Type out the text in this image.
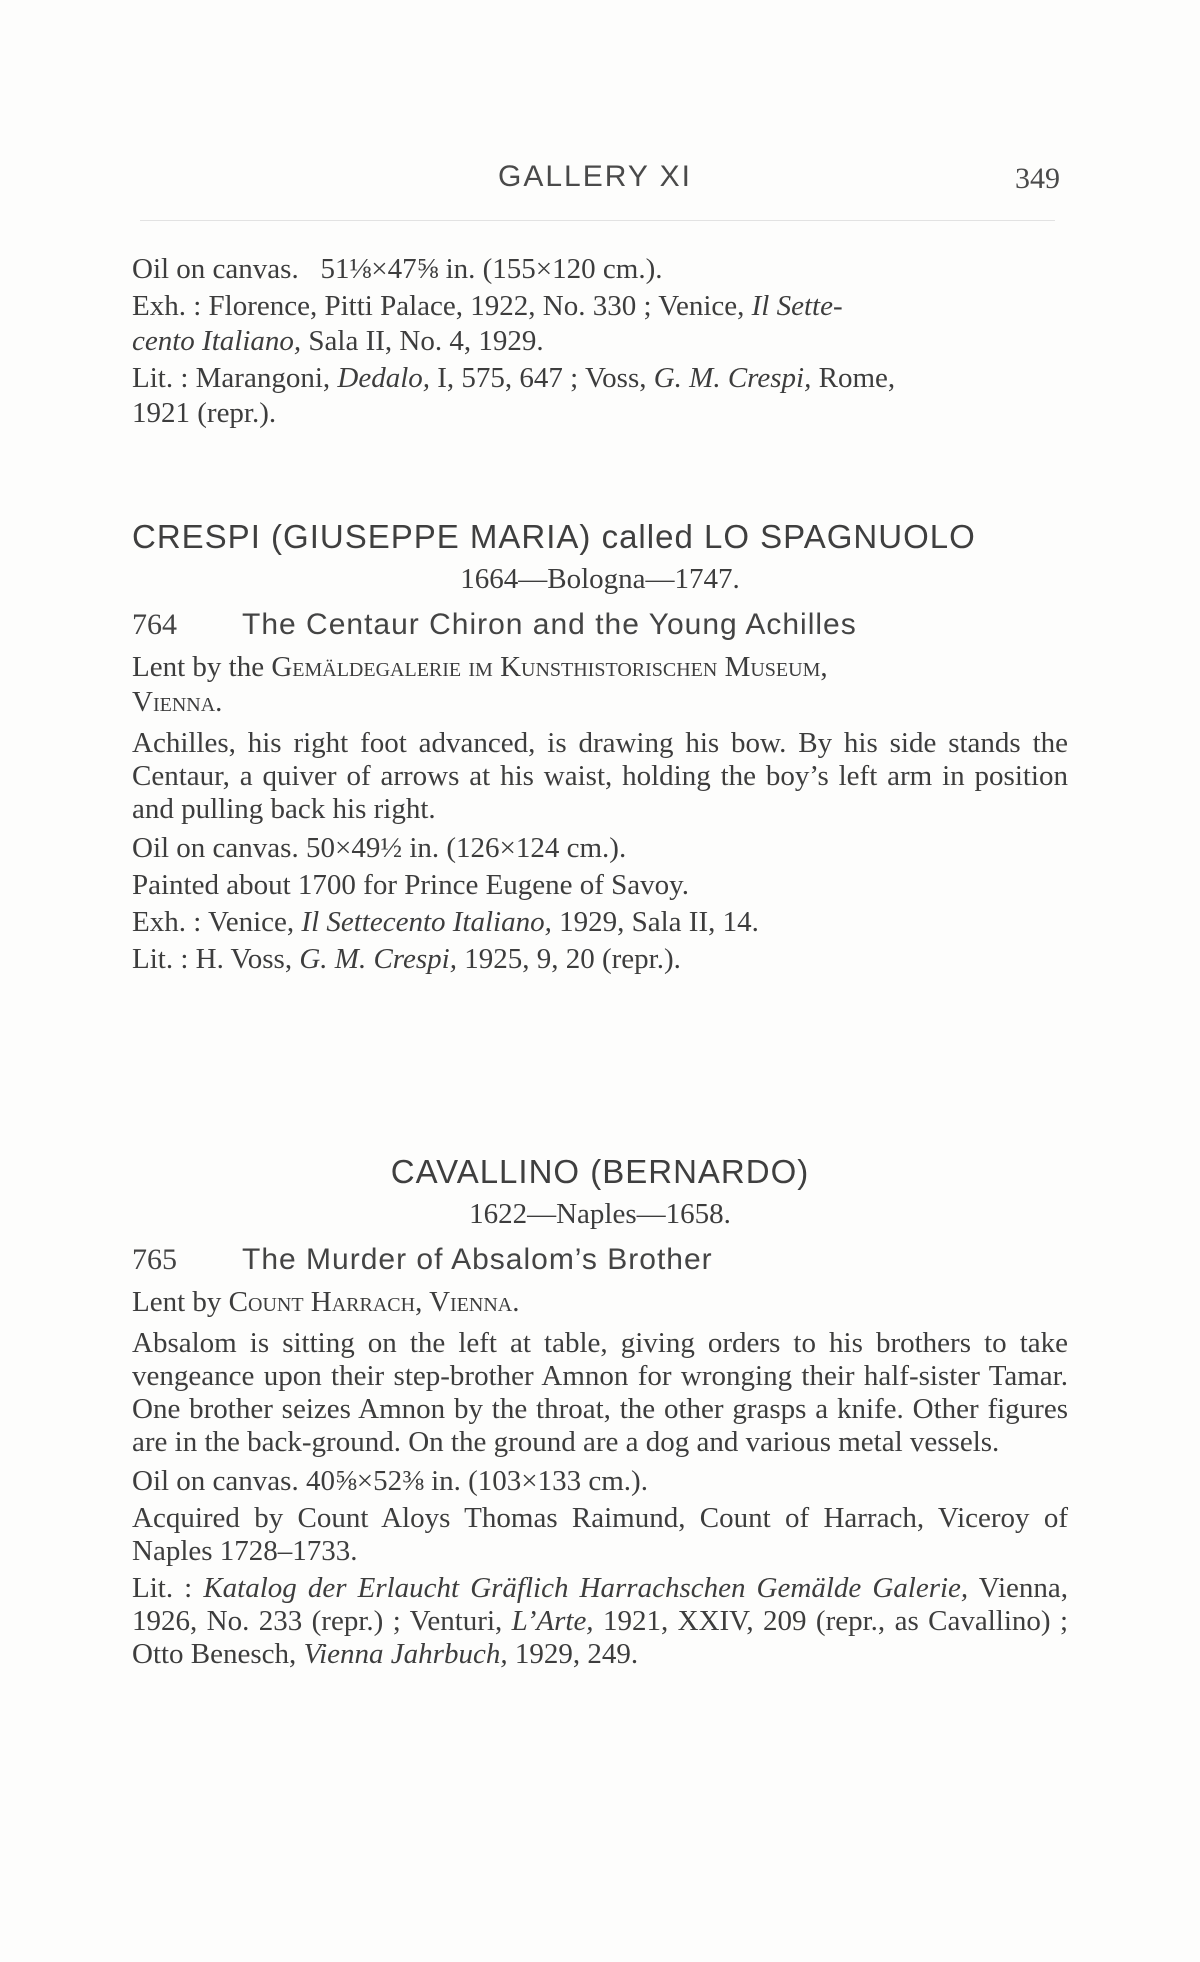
GALLERY XI	349
Oil on canvas. 51⅛×47⅝ in. (155×120 cm.).
Exh. : Florence, Pitti Palace, 1922, No. 330 ; Venice, Il Sette-
cento Italiano, Sala II, No. 4, 1929.
Lit. : Marangoni, Dedalo, I, 575, 647 ; Voss, G. M. Crespi, Rome,
1921 (repr.).
CRESPI (GIUSEPPE MARIA) called LO SPAGNUOLO
1664—Bologna—1747.
764 The Centaur Chiron and the Young Achilles
Lent by the Gemäldegalerie im Kunsthistorischen Museum,
Vienna.

Achilles, his right foot advanced, is drawing his bow. By his side stands the Centaur, a quiver of arrows at his waist, holding the boy’s left arm in position and pulling back his right.

Oil on canvas. 50×49½ in. (126×124 cm.).
Painted about 1700 for Prince Eugene of Savoy.
Exh. : Venice, Il Settecento Italiano, 1929, Sala II, 14.
Lit. : H. Voss, G. M. Crespi, 1925, 9, 20 (repr.).
CAVALLINO (BERNARDO)
1622—Naples—1658.
765 The Murder of Absalom’s Brother
Lent by Count Harrach, Vienna.

Absalom is sitting on the left at table, giving orders to his brothers to take vengeance upon their step-brother Amnon for wronging their half-sister Tamar. One brother seizes Amnon by the throat, the other grasps a knife. Other figures are in the back-ground. On the ground are a dog and various metal vessels.

Oil on canvas. 40⅝×52⅜ in. (103×133 cm.).

Acquired by Count Aloys Thomas Raimund, Count of Harrach, Viceroy of Naples 1728–1733.

Lit. : Katalog der Erlaucht Gräflich Harrachschen Gemälde Galerie, Vienna, 1926, No. 233 (repr.) ; Venturi, L’Arte, 1921, XXIV, 209 (repr., as Cavallino) ; Otto Benesch, Vienna Jahrbuch, 1929, 249.
